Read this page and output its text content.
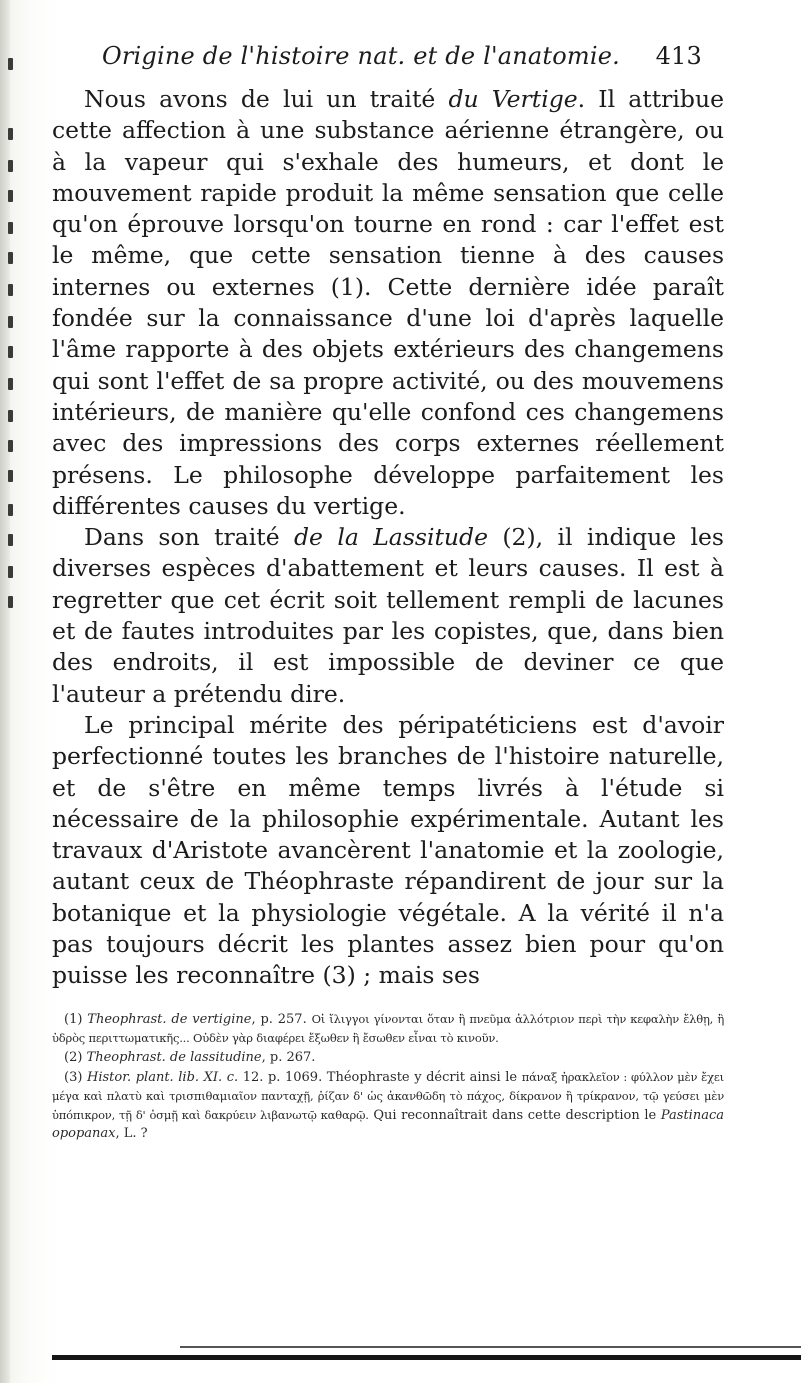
Origine de l'histoire nat. et de l'anatomie. 413

Nous avons de lui un traité du Vertige. Il attribue cette affection à une substance aérienne étrangère, ou à la vapeur qui s'exhale des humeurs, et dont le mouvement rapide produit la même sensation que celle qu'on éprouve lorsqu'on tourne en rond : car l'effet est le même, que cette sensation tienne à des causes internes ou externes (1). Cette dernière idée paraît fondée sur la connaissance d'une loi d'après laquelle l'âme rapporte à des objets extérieurs des changemens qui sont l'effet de sa propre activité, ou des mouvemens intérieurs, de manière qu'elle confond ces changemens avec des impressions des corps externes réellement présens. Le philosophe développe parfaitement les différentes causes du vertige.

Dans son traité de la Lassitude (2), il indique les diverses espèces d'abattement et leurs causes. Il est à regretter que cet écrit soit tellement rempli de lacunes et de fautes introduites par les copistes, que, dans bien des endroits, il est impossible de deviner ce que l'auteur a prétendu dire.

Le principal mérite des péripatéticiens est d'avoir perfectionné toutes les branches de l'histoire naturelle, et de s'être en même temps livrés à l'étude si nécessaire de la philosophie expérimentale. Autant les travaux d'Aristote avancèrent l'anatomie et la zoologie, autant ceux de Théophraste répandirent de jour sur la botanique et la physiologie végétale. A la vérité il n'a pas toujours décrit les plantes assez bien pour qu'on puisse les reconnaître (3) ; mais ses

(1) Theophrast. de vertigine, p. 257. Οἱ ἴλιγγοι γίνονται ὅταν ἢ πνεῦμα ἀλλότριον περὶ τὴν κεφαλὴν ἔλθῃ, ἢ ὑδρὸς περιττωματικῆς... Οὐδὲν γὰρ διαφέρει ἔξωθεν ἢ ἔσωθεν εἶναι τὸ κινοῦν.

(2) Theophrast. de lassitudine, p. 267.

(3) Histor. plant. lib. XI. c. 12. p. 1069. Théophraste y décrit ainsi le πάναξ ἡρακλεῖον : φύλλον μὲν ἔχει μέγα καὶ πλατὺ καὶ τρισπιθαμιαῖον πανταχῇ, ῥίζαν δ' ὡς ἀκανθῶδη τὸ πάχος, δίκρανον ἢ τρίκρανον, τῷ γεύσει μὲν ὑπόπικρον, τῇ δ' ὀσμῇ καὶ δακρύειν λιβανωτῷ καθαρῷ. Qui reconnaîtrait dans cette description le Pastinaca opopanax, L. ?
